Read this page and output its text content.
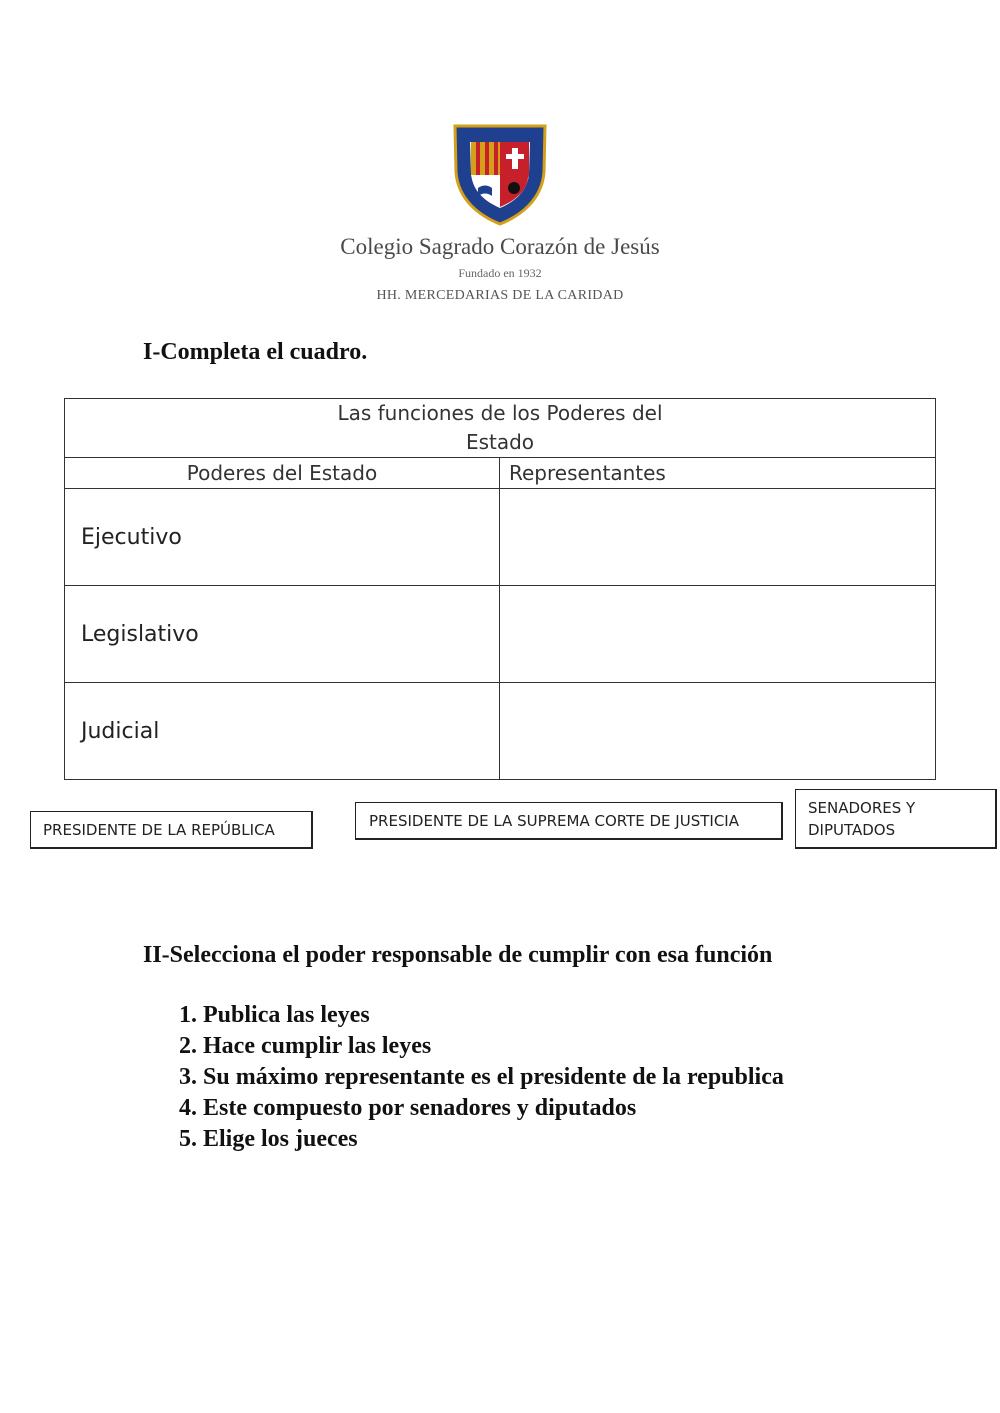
Colegio Sagrado Corazón de Jesús
Fundado en 1932
HH. MERCEDARIAS DE LA CARIDAD
I-Completa el cuadro.
Las funciones de los Poderes del Estado	

Poderes del Estado	Representantes
Ejecutivo	
Legislativo	
Judicial	
PRESIDENTE DE LA REPÚBLICA	PRESIDENTE DE LA SUPREMA CORTE DE JUSTICIA
SENADORES Y
DIPUTADOS
II-Selecciona el poder responsable de cumplir con esa función
1. Publica las leyes
2. Hace cumplir las leyes
3. Su máximo representante es el presidente de la republica
4. Este compuesto por senadores y diputados
5. Elige los jueces
